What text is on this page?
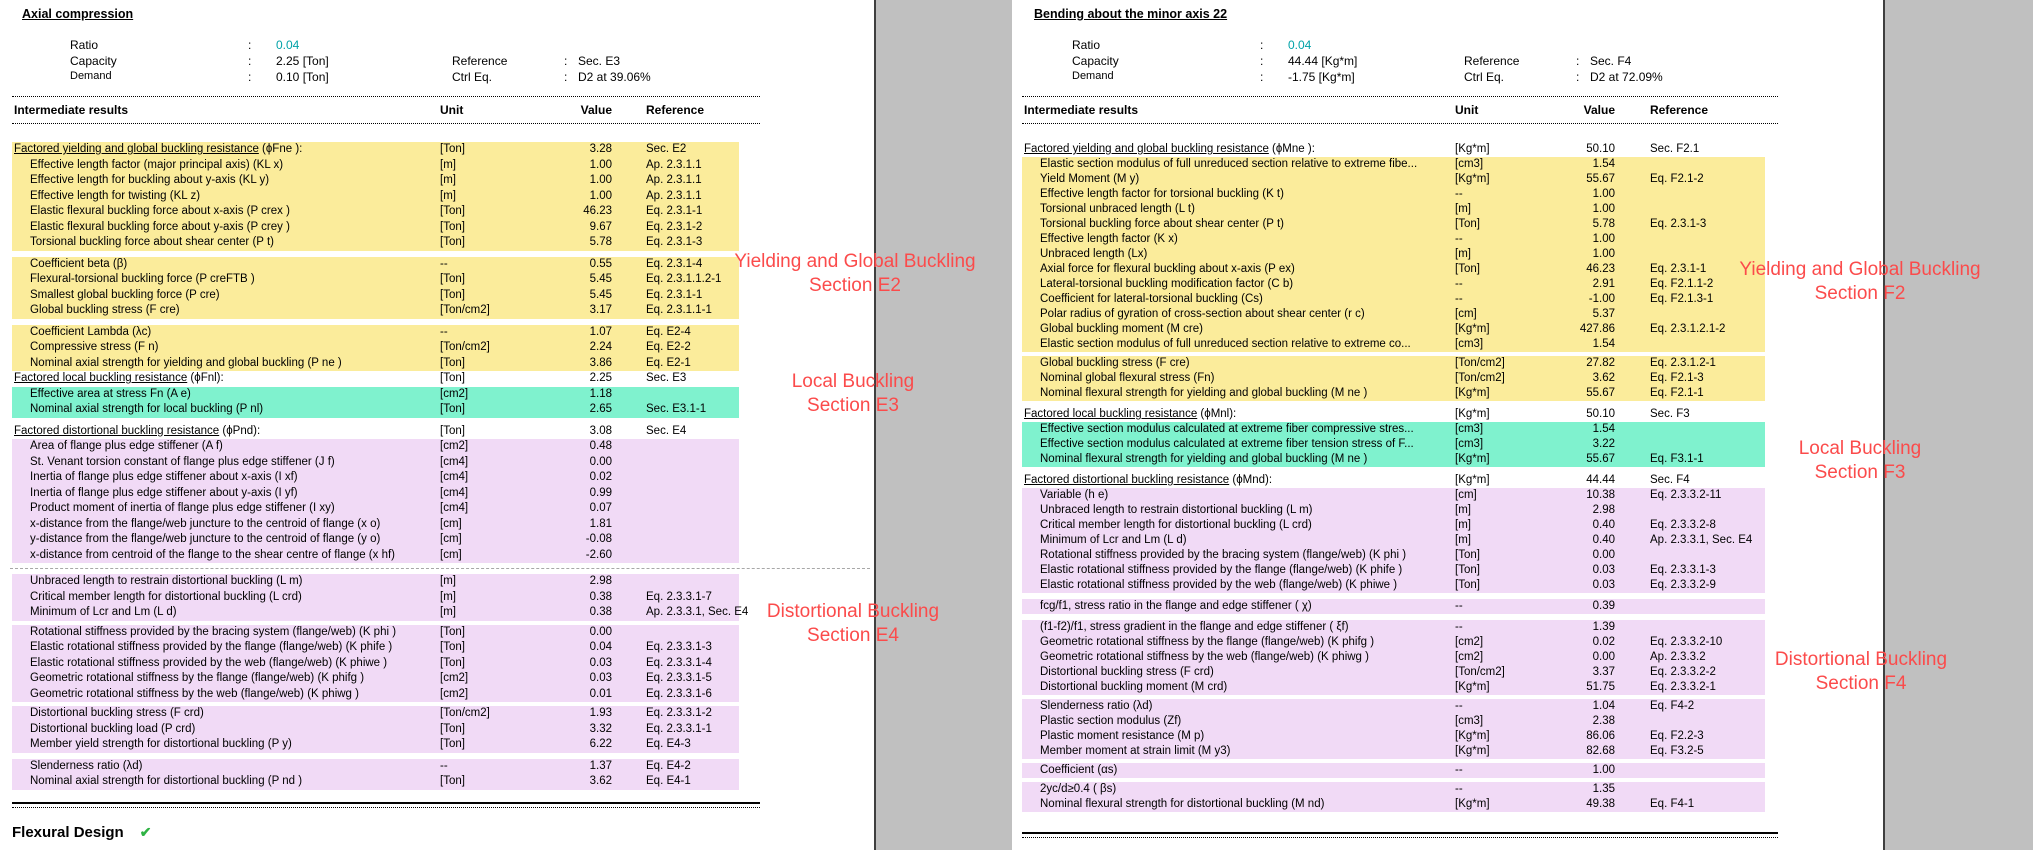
Axial compression
Ratio	: 0.04
Capacity	: 2.25 [Ton]
Demand	: 0.10 [Ton]
Reference	: Sec. E3
Ctrl Eq.	: D2 at 39.06%
Intermediate results	Unit	Value	Reference
Factored yielding and global buckling resistance (ϕFne ):	[Ton]	3.28	Sec. E2
Effective length factor (major principal axis) (KL x)	[m]	1.00	Ap. 2.3.1.1
Effective length for buckling about y-axis (KL y)	[m]	1.00	Ap. 2.3.1.1
Effective length for twisting (KL z)	[m]	1.00	Ap. 2.3.1.1
Elastic flexural buckling force about x-axis (P crex )	[Ton]	46.23	Eq. 2.3.1-1
Elastic flexural buckling force about y-axis (P crey )	[Ton]	9.67	Eq. 2.3.1-2
Torsional buckling force about shear center (P t)	[Ton]	5.78	Eq. 2.3.1-3
Coefficient beta (β)	--	0.55	Eq. 2.3.1-4
Flexural-torsional buckling force (P creFTB )	[Ton]	5.45	Eq. 2.3.1.1.2-1
Smallest global buckling force (P cre)	[Ton]	5.45	Eq. 2.3.1-1
Global buckling stress (F cre)	[Ton/cm2]	3.17	Eq. 2.3.1.1-1
Coefficient Lambda (λc)	--	1.07	Eq. E2-4
Compressive stress (F n)	[Ton/cm2]	2.24	Eq. E2-2
Nominal axial strength for yielding and global buckling (P ne )	[Ton]	3.86	Eq. E2-1
Factored local buckling resistance (ϕFnl):	[Ton]	2.25	Sec. E3
Effective area at stress Fn (A e)	[cm2]	1.18
Nominal axial strength for local buckling (P nl)	[Ton]	2.65	Sec. E3.1-1
Factored distortional buckling resistance (ϕPnd):	[Ton]	3.08	Sec. E4
Area of flange plus edge stiffener (A f)	[cm2]	0.48
St. Venant torsion constant of flange plus edge stiffener (J f)	[cm4]	0.00
Inertia of flange plus edge stiffener about x-axis (I xf)	[cm4]	0.02
Inertia of flange plus edge stiffener about y-axis (I yf)	[cm4]	0.99
Product moment of inertia of flange plus edge stiffener (I xy)	[cm4]	0.07
x-distance from the flange/web juncture to the centroid of flange (x o)	[cm]	1.81
y-distance from the flange/web juncture to the centroid of flange (y o)	[cm]	-0.08
x-distance from centroid of the flange to the shear centre of flange (x hf)	[cm]	-2.60
Unbraced length to restrain distortional buckling (L m)	[m]	2.98
Critical member length for distortional buckling (L crd)	[m]	0.38	Eq. 2.3.3.1-7
Minimum of Lcr and Lm (L d)	[m]	0.38	Ap. 2.3.3.1, Sec. E4
Rotational stiffness provided by the bracing system (flange/web) (K phi )	[Ton]	0.00
Elastic rotational stiffness provided by the flange (flange/web) (K phife )	[Ton]	0.04	Eq. 2.3.3.1-3
Elastic rotational stiffness provided by the web (flange/web) (K phiwe )	[Ton]	0.03	Eq. 2.3.3.1-4
Geometric rotational stiffness by the flange (flange/web) (K phifg )	[cm2]	0.03	Eq. 2.3.3.1-5
Geometric rotational stiffness by the web (flange/web) (K phiwg )	[cm2]	0.01	Eq. 2.3.3.1-6
Distortional buckling stress (F crd)	[Ton/cm2]	1.93	Eq. 2.3.3.1-2
Distortional buckling load (P crd)	[Ton]	3.32	Eq. 2.3.3.1-1
Member yield strength for distortional buckling (P y)	[Ton]	6.22	Eq. E4-3
Slenderness ratio (λd)	--	1.37	Eq. E4-2
Nominal axial strength for distortional buckling (P nd )	[Ton]	3.62	Eq. E4-1
Flexural Design ✔
Bending about the minor axis 22
Ratio	: 0.04
Capacity	: 44.44 [Kg*m]
Demand	: -1.75 [Kg*m]
Reference	: Sec. F4
Ctrl Eq.	: D2 at 72.09%
Intermediate results	Unit	Value	Reference
Factored yielding and global buckling resistance (ϕMne ):	[Kg*m]	50.10	Sec. F2.1
Elastic section modulus of full unreduced section relative to extreme fibe...	[cm3]	1.54
Yield Moment (M y)	[Kg*m]	55.67	Eq. F2.1-2
Effective length factor for torsional buckling (K t)	--	1.00
Torsional unbraced length (L t)	[m]	1.00
Torsional buckling force about shear center (P t)	[Ton]	5.78	Eq. 2.3.1-3
Effective length factor (K x)	--	1.00
Unbraced length (Lx)	[m]	1.00
Axial force for flexural buckling about x-axis (P ex)	[Ton]	46.23	Eq. 2.3.1-1
Lateral-torsional buckling modification factor (C b)	--	2.91	Eq. F2.1.1-2
Coefficient for lateral-torsional buckling (Cs)	--	-1.00	Eq. F2.1.3-1
Polar radius of gyration of cross-section about shear center (r c)	[cm]	5.37
Global buckling moment (M cre)	[Kg*m]	427.86	Eq. 2.3.1.2.1-2
Elastic section modulus of full unreduced section relative to extreme co...	[cm3]	1.54
Global buckling stress (F cre)	[Ton/cm2]	27.82	Eq. 2.3.1.2-1
Nominal global flexural stress (Fn)	[Ton/cm2]	3.62	Eq. F2.1-3
Nominal flexural strength for yielding and global buckling (M ne )	[Kg*m]	55.67	Eq. F2.1-1
Factored local buckling resistance (ϕMnl):	[Kg*m]	50.10	Sec. F3
Effective section modulus calculated at extreme fiber compressive stres...	[cm3]	1.54
Effective section modulus calculated at extreme fiber tension stress of F...	[cm3]	3.22
Nominal flexural strength for yielding and global buckling (M ne )	[Kg*m]	55.67	Eq. F3.1-1
Factored distortional buckling resistance (ϕMnd):	[Kg*m]	44.44	Sec. F4
Variable (h e)	[cm]	10.38	Eq. 2.3.3.2-11
Unbraced length to restrain distortional buckling (L m)	[m]	2.98
Critical member length for distortional buckling (L crd)	[m]	0.40	Eq. 2.3.3.2-8
Minimum of Lcr and Lm (L d)	[m]	0.40	Ap. 2.3.3.1, Sec. E4
Rotational stiffness provided by the bracing system (flange/web) (K phi )	[Ton]	0.00
Elastic rotational stiffness provided by the flange (flange/web) (K phife )	[Ton]	0.03	Eq. 2.3.3.1-3
Elastic rotational stiffness provided by the web (flange/web) (K phiwe )	[Ton]	0.03	Eq. 2.3.3.2-9
fcg/f1, stress ratio in the flange and edge stiffener ( χ)	--	0.39
(f1-f2)/f1, stress gradient in the flange and edge stiffener ( ξf)	--	1.39
Geometric rotational stiffness by the flange (flange/web) (K phifg )	[cm2]	0.02	Eq. 2.3.3.2-10
Geometric rotational stiffness by the web (flange/web) (K phiwg )	[cm2]	0.00	Ap. 2.3.3.2
Distortional buckling stress (F crd)	[Ton/cm2]	3.37	Eq. 2.3.3.2-2
Distortional buckling moment (M crd)	[Kg*m]	51.75	Eq. 2.3.3.2-1
Slenderness ratio (λd)	--	1.04	Eq. F4-2
Plastic section modulus (Zf)	[cm3]	2.38
Plastic moment resistance (M p)	[Kg*m]	86.06	Eq. F2.2-3
Member moment at strain limit (M y3)	[Kg*m]	82.68	Eq. F3.2-5
Coefficient (αs)	--	1.00
2yc/d≥0.4 ( βs)	--	1.35
Nominal flexural strength for distortional buckling (M nd)	[Kg*m]	49.38	Eq. F4-1
Yielding and Global Buckling
Section E2
Local Buckling
Section E3
Distortional Buckling
Section E4
Yielding and Global Buckling
Section F2
Local Buckling
Section F3
Distortional Buckling
Section F4
